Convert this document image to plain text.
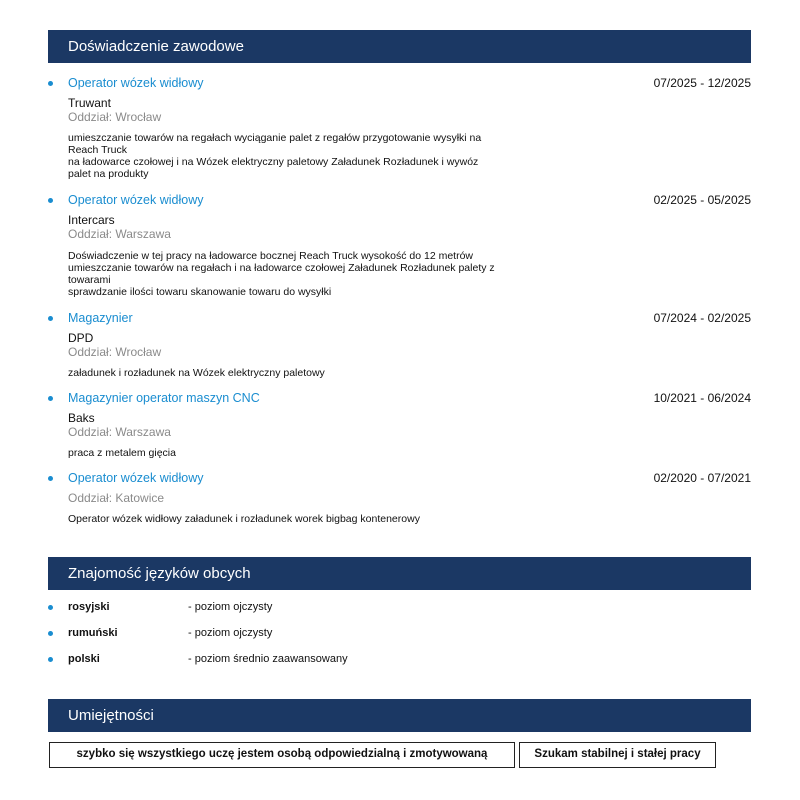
Doświadczenie zawodowe
Operator wózek widłowy	07/2025 - 12/2025
Truwant
Oddział: Wrocław
umieszczanie towarów na regałach wyciąganie palet z regałów przygotowanie wysyłki na
Reach Truck
na ładowarce czołowej i na Wózek elektryczny paletowy Załadunek Rozładunek i wywóz
palet na produkty
Operator wózek widłowy	02/2025 - 05/2025
Intercars
Oddział: Warszawa
Doświadczenie w tej pracy na ładowarce bocznej Reach Truck wysokość do 12 metrów
umieszczanie towarów na regałach i na ładowarce czołowej Załadunek Rozładunek palety z
towarami
sprawdzanie ilości towaru skanowanie towaru do wysyłki
Magazynier	07/2024 - 02/2025
DPD
Oddział: Wrocław
załadunek i rozładunek na Wózek elektryczny paletowy
Magazynier operator maszyn CNC	10/2021 - 06/2024
Baks
Oddział: Warszawa
praca z metalem gięcia
Operator wózek widłowy	02/2020 - 07/2021
Oddział: Katowice
Operator wózek widłowy załadunek i rozładunek worek bigbag kontenerowy
Znajomość języków obcych
rosyjski	- poziom ojczysty
rumuński	- poziom ojczysty
polski	- poziom średnio zaawansowany
Umiejętności
szybko się wszystkiego uczę jestem osobą odpowiedzialną i zmotywowaną	Szukam stabilnej i stałej pracy
